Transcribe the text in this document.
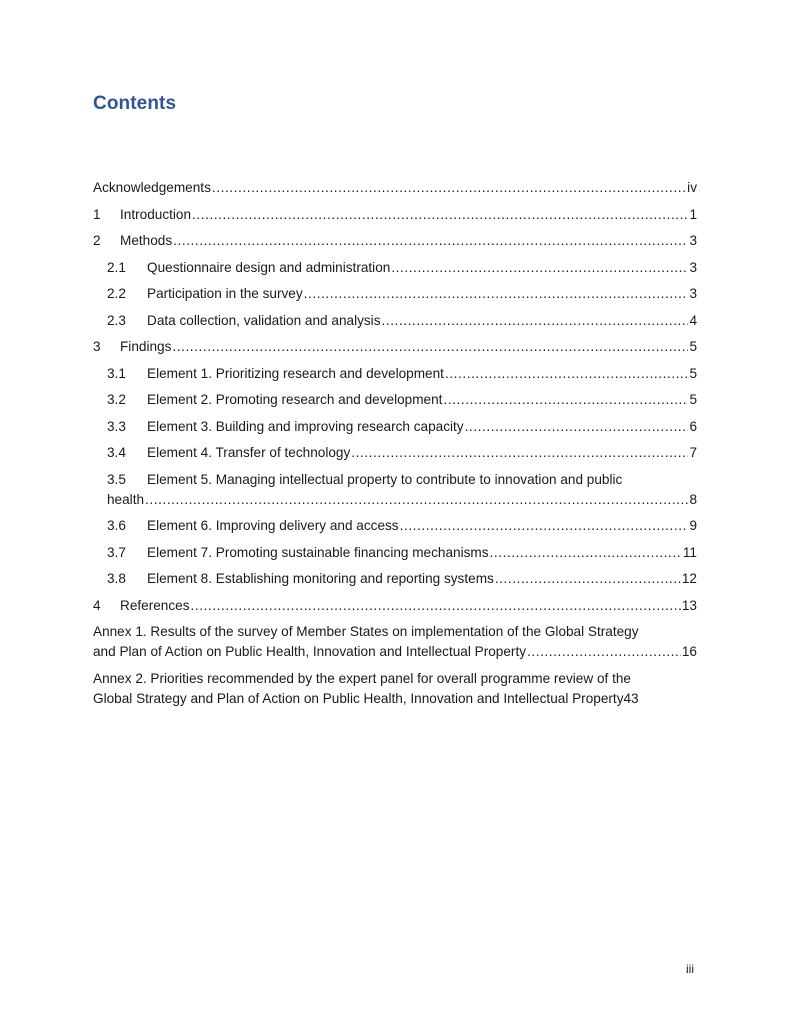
Contents
Acknowledgements . . .	iv
1	Introduction . . .	1
2	Methods . . .	3
2.1	Questionnaire design and administration . . .	3
2.2	Participation in the survey . . .	3
2.3	Data collection, validation and analysis . . .	4
3	Findings . . .	5
3.1	Element 1. Prioritizing research and development . . .	5
3.2	Element 2. Promoting research and development . . .	5
3.3	Element 3. Building and improving research capacity . . .	6
3.4	Element 4. Transfer of technology . . .	7
3.5 Element 5. Managing intellectual property to contribute to innovation and public
health . . .	8
3.6	Element 6. Improving delivery and access . . .	9
3.7	Element 7. Promoting sustainable financing mechanisms . . .	11
3.8	Element 8. Establishing monitoring and reporting systems . . .	12
4	References . . .	13
Annex 1. Results of the survey of Member States on implementation of the Global Strategy
and Plan of Action on Public Health, Innovation and Intellectual Property . . .	16
Annex 2. Priorities recommended by the expert panel for overall programme review of the
Global Strategy and Plan of Action on Public Health, Innovation and Intellectual Property 43
iii
